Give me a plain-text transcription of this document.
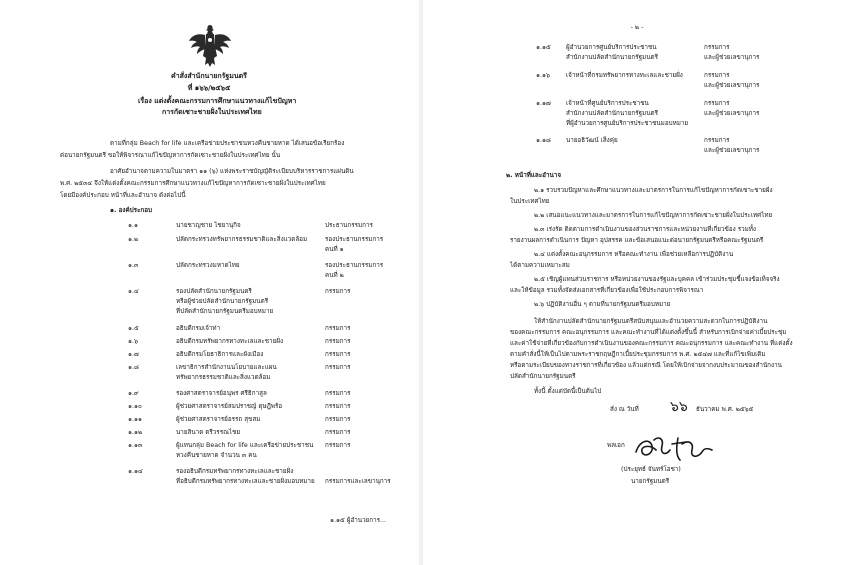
คำสั่งสำนักนายกรัฐมนตรี
ที่ ๑๖๖/๒๕๖๕
เรื่อง แต่งตั้งคณะกรรมการศึกษาแนวทางแก้ไขปัญหา
การกัดเซาะชายฝั่งในประเทศไทย
ตามที่กลุ่ม Beach for life และเครือข่ายประชาชนหวงคืนชายหาด ได้เสนอข้อเรียกร้อง
ต่อนายกรัฐมนตรี ขอให้พิจารณาแก้ไขปัญหาการกัดเซาะชายฝั่งในประเทศไทย นั้น
อาศัยอำนาจตามความในมาตรา ๑๑ (๖) แห่งพระราชบัญญัติระเบียบบริหารราชการแผ่นดิน
พ.ศ. ๒๕๓๔ จึงให้แต่งตั้งคณะกรรมการศึกษาแนวทางแก้ไขปัญหาการกัดเซาะชายฝั่งในประเทศไทย
โดยมีองค์ประกอบ หน้าที่และอำนาจ ดังต่อไปนี้
๑. องค์ประกอบ
๑.๑	นายชาญชาย ไชยานุกิจ	ประธานกรรมการ
๑.๒	ปลัดกระทรวงทรัพยากรธรรมชาติและสิ่งแวดล้อม	รองประธานกรรมการ
คนที่ ๑
๑.๓	ปลัดกระทรวงมหาดไทย	รองประธานกรรมการ
คนที่ ๒
๑.๔	รองปลัดสำนักนายกรัฐมนตรี
หรือผู้ช่วยปลัดสำนักนายกรัฐมนตรี
ที่ปลัดสำนักนายกรัฐมนตรีมอบหมาย
กรรมการ
๑.๕	อธิบดีกรมเจ้าท่า	กรรมการ
๑.๖	อธิบดีกรมทรัพยากรทางทะเลและชายฝั่ง	กรรมการ
๑.๗	อธิบดีกรมโยธาธิการและผังเมือง	กรรมการ
๑.๘	เลขาธิการสำนักงานนโยบายและแผน
ทรัพยากรธรรมชาติและสิ่งแวดล้อม
กรรมการ
๑.๙	รองศาสตราจารย์อนุพร ศรีธิกาสูล	กรรมการ
๑.๑๐	ผู้ช่วยศาสตราจารย์สมปราชญ์ ดุษฎีพร้อ	กรรมการ
๑.๑๑	ผู้ช่วยศาสตราจารย์อรรถ สุขสม	กรรมการ
๑.๑๒	นายสินาด ตรีวรรณไชย	กรรมการ
๑.๑๓	ผู้แทนกลุ่ม Beach for life และเครือข่ายประชาชน
หวงคืนชายหาด จำนวน ๓ คน
กรรมการ
๑.๑๔	รองอธิบดีกรมทรัพยากรทางทะเลและชายฝั่ง
ที่อธิบดีกรมทรัพยากรทางทะเลและชายฝั่งมอบหมาย กรรมการและเลขานุการ
๑.๑๕ ผู้อำนวยการ...
- ๒ -
๑.๑๕ ผู้อำนวยการศูนย์บริการประชาชน
สำนักงานปลัดสำนักนายกรัฐมนตรี
กรรมการ
และผู้ช่วยเลขานุการ
๑.๑๖	เจ้าหน้าที่กรมทรัพยากรทางทะเลและชายฝั่ง	กรรมการ
และผู้ช่วยเลขานุการ
๑.๑๗ เจ้าหน้าที่ศูนย์บริการประชาชน
สำนักงานปลัดสำนักนายกรัฐมนตรี
ที่ผู้อำนวยการศูนย์บริการประชาชนมอบหมาย
กรรมการ
และผู้ช่วยเลขานุการ
๑.๑๘ นายอธิวัฒน์ เส็งคุ่ย	กรรมการ
และผู้ช่วยเลขานุการ
๒. หน้าที่และอำนาจ
๒.๑ รวบรวมปัญหาและศึกษาแนวทางและมาตรการในการแก้ไขปัญหาการกัดเซาะชายฝั่ง
ในประเทศไทย
๒.๒ เสนอแนะแนวทางและมาตรการในการแก้ไขปัญหาการกัดเซาะชายฝั่งในประเทศไทย
๒.๓ เร่งรัด ติดตามการดำเนินงานของส่วนราชการและหน่วยงานที่เกี่ยวข้อง รวมทั้ง
รายงานผลการดำเนินการ ปัญหา อุปสรรค และข้อเสนอแนะต่อนายกรัฐมนตรีหรือคณะรัฐมนตรี
๒.๔ แต่งตั้งคณะอนุกรรมการ หรือคณะทำงาน เพื่อช่วยเหลือการปฏิบัติงาน
ได้ตามความเหมาะสม
๒.๕ เชิญผู้แทนส่วนราชการ หรือหน่วยงานของรัฐและบุคคล เข้าร่วมประชุมชี้แจงข้อเท็จจริง
และให้ข้อมูล รวมทั้งจัดส่งเอกสารที่เกี่ยวข้องเพื่อใช้ประกอบการพิจารณา
๒.๖ ปฏิบัติงานอื่น ๆ ตามที่นายกรัฐมนตรีมอบหมาย
ให้สำนักงานปลัดสำนักนายกรัฐมนตรีสนับสนุนและอำนวยความสะดวกในการปฏิบัติงาน
ของคณะกรรมการ คณะอนุกรรมการ และคณะทำงานที่ได้แต่งตั้งขึ้นนี้ สำหรับการเบิกจ่ายค่าเบี้ยประชุม
และค่าใช้จ่ายที่เกี่ยวข้องกับการดำเนินงานของคณะกรรมการ คณะอนุกรรมการ และคณะทำงาน ที่แต่งตั้ง
ตามคำสั่งนี้ให้เป็นไปตามพระราชกฤษฎีกาเบี้ยประชุมกรรมการ พ.ศ. ๒๕๔๗ และที่แก้ไขเพิ่มเติม
หรือตามระเบียบของทางราชการที่เกี่ยวข้อง แล้วแต่กรณี โดยให้เบิกจ่ายจากงบประมาณของสำนักงาน
ปลัดสำนักนายกรัฐมนตรี
ทั้งนี้ ตั้งแต่บัดนี้เป็นต้นไป
สั่ง ณ วันที่ ๖๖ ธันวาคม พ.ศ. ๒๕๖๕
พลเอก
(ประยุทธ์ จันทร์โอชา)
นายกรัฐมนตรี
